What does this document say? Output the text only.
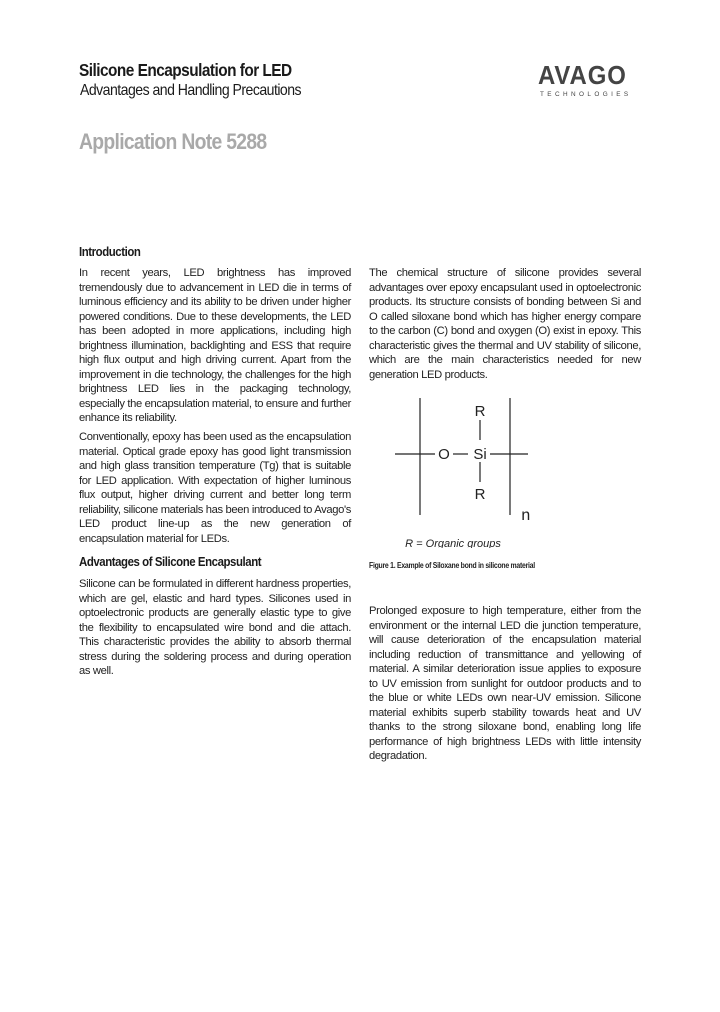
Silicone Encapsulation for LED
Advantages and Handling Precautions
Application Note 5288
AVAGO
TECHNOLOGIES
Introduction

In recent years, LED brightness has improved tremendously due to advancement in LED die in terms of luminous efficiency and its ability to be driven under higher powered conditions. Due to these developments, the LED has been adopted in more applications, including high brightness illumination, backlighting and ESS that require high flux output and high driving current. Apart from the improvement in die technology, the challenges for the high brightness LED lies in the packaging technology, especially the encapsulation material, to ensure and further enhance its reliability.

Conventionally, epoxy has been used as the encapsulation material. Optical grade epoxy has good light transmission and high glass transition temperature (Tg) that is suitable for LED application. With expectation of higher luminous flux output, higher driving current and better long term reliability, silicone materials has been introduced to Avago's LED product line-up as the new generation of encapsulation material for LEDs.

Advantages of Silicone Encapsulant

Silicone can be formulated in different hardness properties, which are gel, elastic and hard types. Silicones used in optoelectronic products are generally elastic type to give the flexibility to encapsulated wire bond and die attach. This characteristic provides the ability to absorb thermal stress during the soldering process and during operation as well.

The chemical structure of silicone provides several advantages over epoxy encapsulant used in optoelectronic products. Its structure consists of bonding between Si and O called siloxane bond which has higher energy compare to the carbon (C) bond and oxygen (O) exist in epoxy. This characteristic gives the thermal and UV stability of silicone, which are the main characteristics needed for new generation LED products.

R
O Si
R
n
R = Organic groups
Figure 1. Example of Siloxane bond in silicone material

Prolonged exposure to high temperature, either from the environment or the internal LED die junction temperature, will cause deterioration of the encapsulation material including reduction of transmittance and yellowing of material. A similar deterioration issue applies to exposure to UV emission from sunlight for outdoor products and to the blue or white LEDs own near-UV emission. Silicone material exhibits superb stability towards heat and UV thanks to the strong siloxane bond, enabling long life performance of high brightness LEDs with little intensity degradation.
